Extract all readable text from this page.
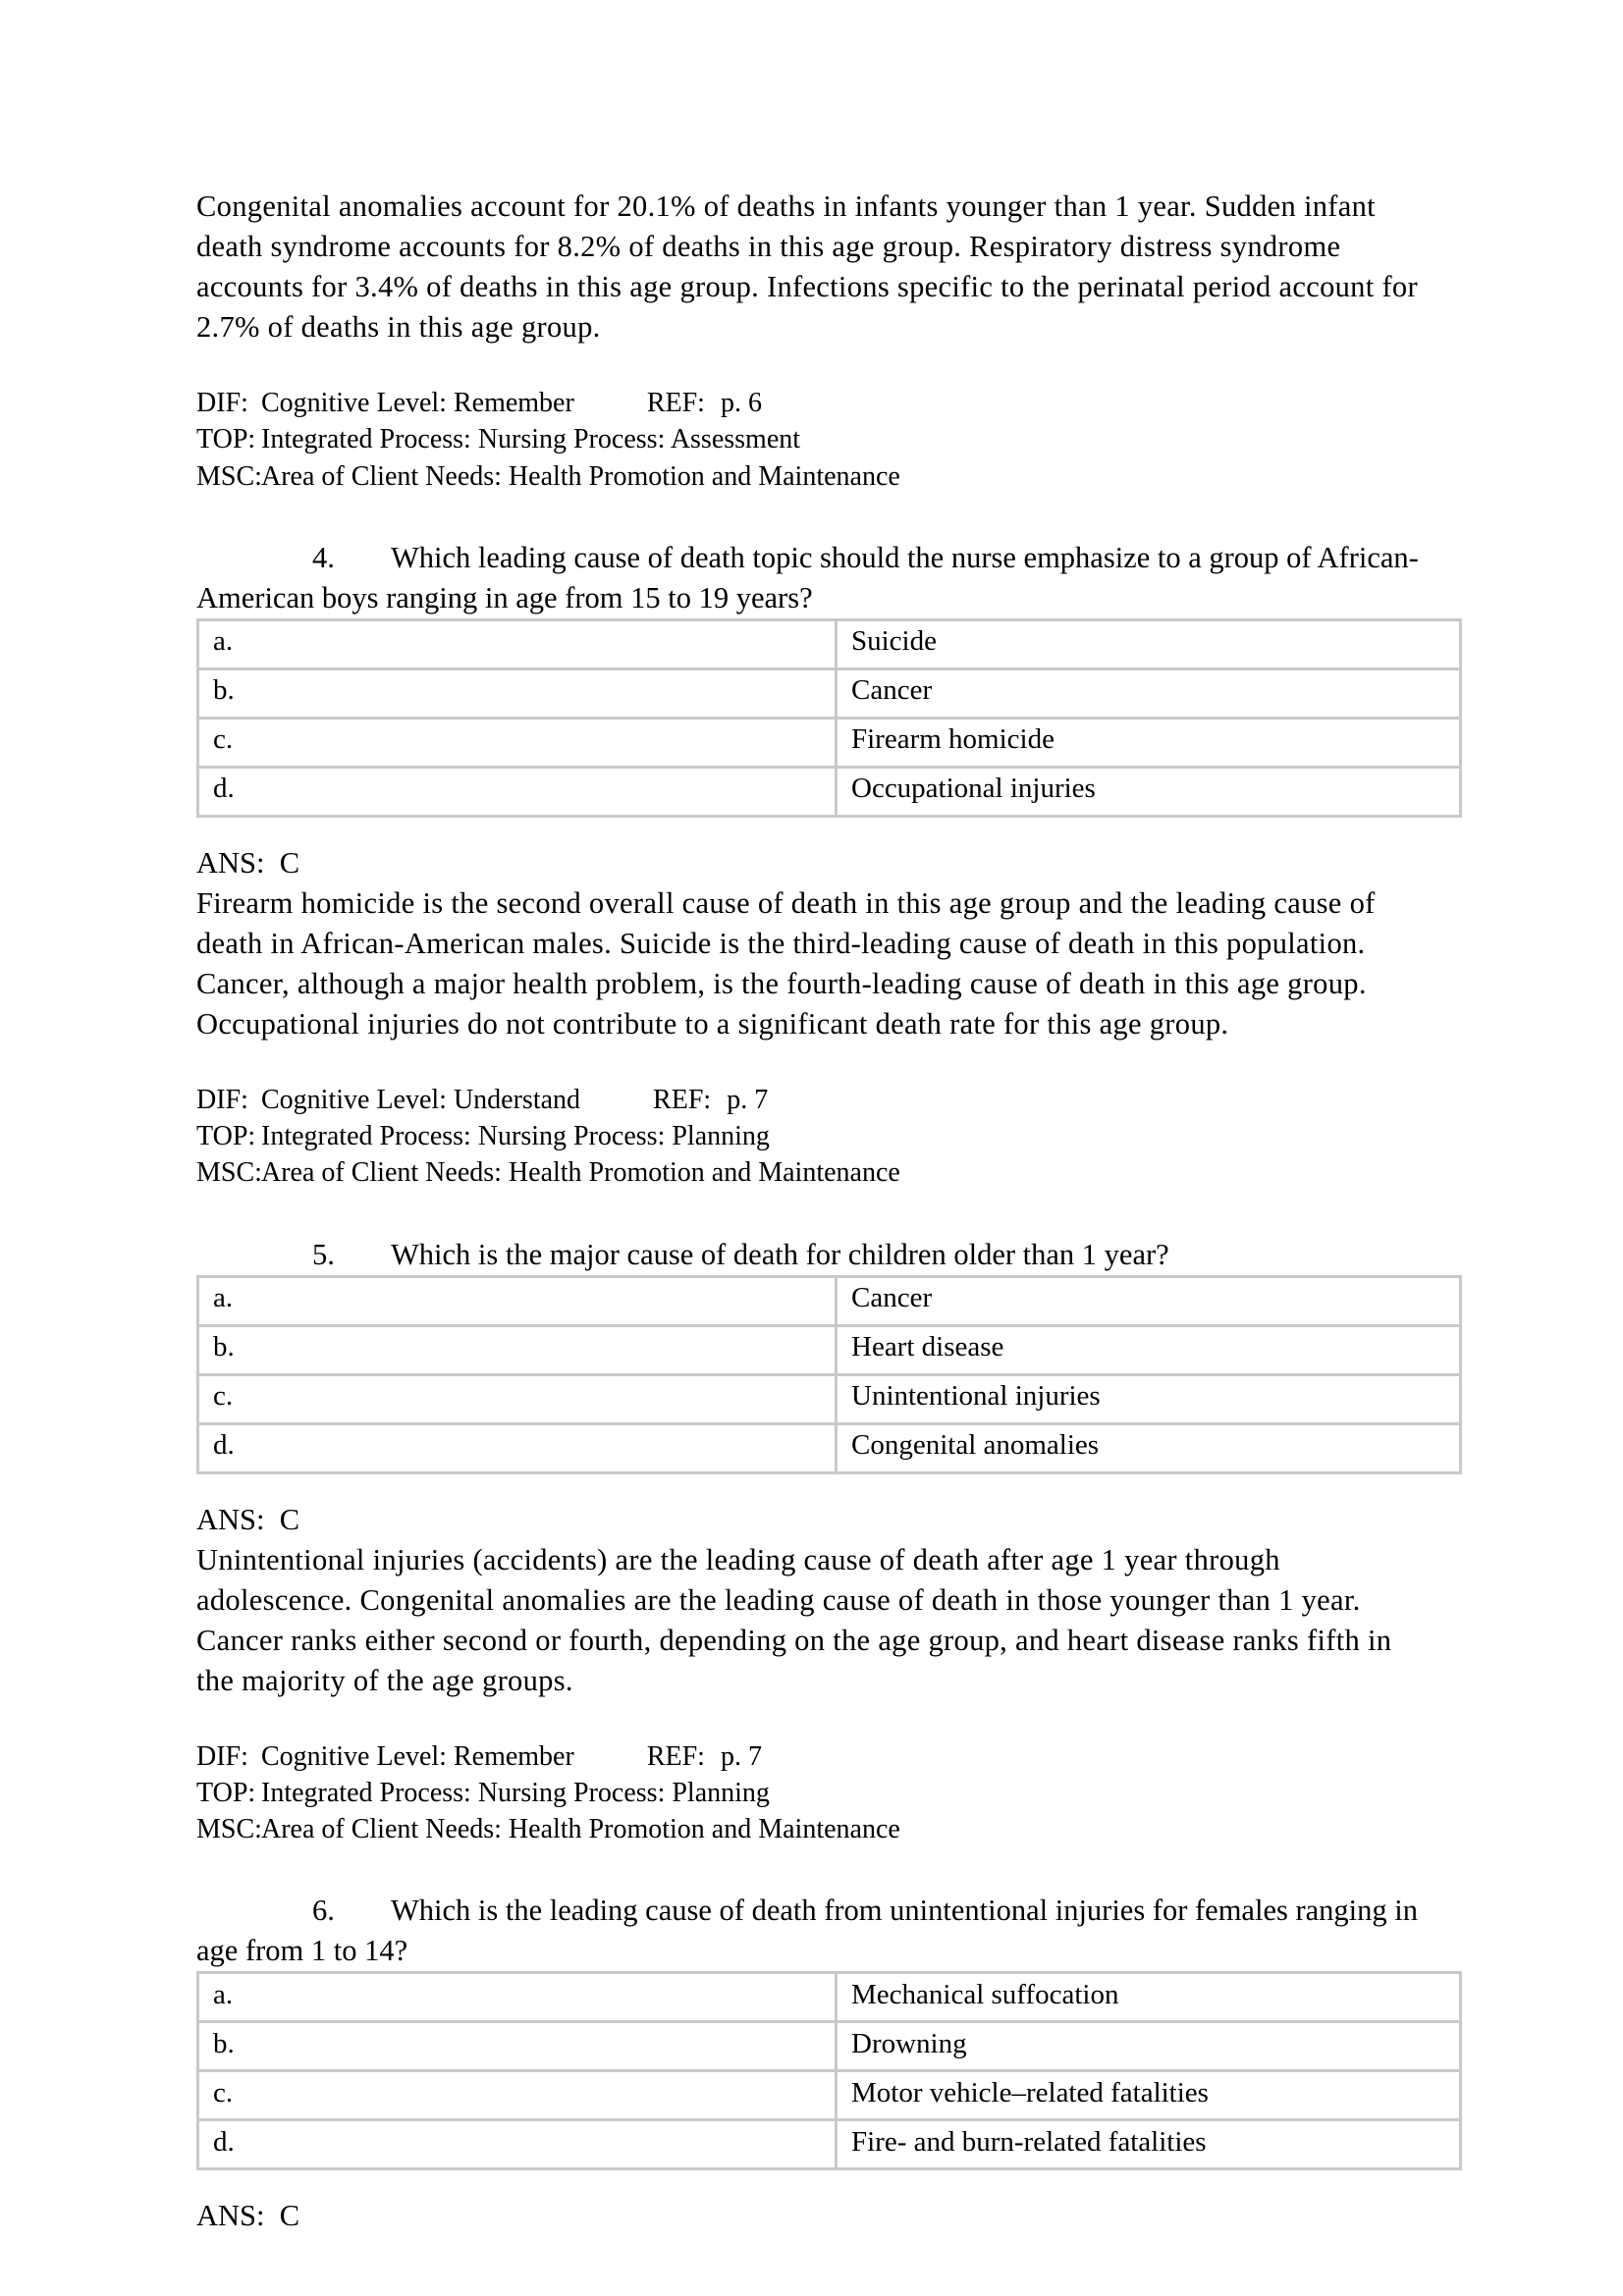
Congenital anomalies account for 20.1% of deaths in infants younger than 1 year. Sudden infant death syndrome accounts for 8.2% of deaths in this age group. Respiratory distress syndrome accounts for 3.4% of deaths in this age group. Infections specific to the perinatal period account for 2.7% of deaths in this age group.

DIF: Cognitive Level: Remember	REF: p. 6
TOP: Integrated Process: Nursing Process: Assessment
MSC:Area of Client Needs: Health Promotion and Maintenance

4. Which leading cause of death topic should the nurse emphasize to a group of African-American boys ranging in age from 15 to 19 years?

a.	Suicide
b.	Cancer
c.	Firearm homicide
d.	Occupational injuries

ANS: C

Firearm homicide is the second overall cause of death in this age group and the leading cause of death in African-American males. Suicide is the third-leading cause of death in this population. Cancer, although a major health problem, is the fourth-leading cause of death in this age group. Occupational injuries do not contribute to a significant death rate for this age group.

DIF: Cognitive Level: Understand	REF: p. 7
TOP: Integrated Process: Nursing Process: Planning
MSC:Area of Client Needs: Health Promotion and Maintenance

5. Which is the major cause of death for children older than 1 year?

a.	Cancer
b.	Heart disease
c.	Unintentional injuries
d.	Congenital anomalies

ANS: C

Unintentional injuries (accidents) are the leading cause of death after age 1 year through adolescence. Congenital anomalies are the leading cause of death in those younger than 1 year. Cancer ranks either second or fourth, depending on the age group, and heart disease ranks fifth in the majority of the age groups.

DIF: Cognitive Level: Remember	REF: p. 7
TOP: Integrated Process: Nursing Process: Planning
MSC:Area of Client Needs: Health Promotion and Maintenance

6. Which is the leading cause of death from unintentional injuries for females ranging in age from 1 to 14?

a.	Mechanical suffocation
b.	Drowning
c.	Motor vehicle–related fatalities
d.	Fire- and burn-related fatalities

ANS: C
